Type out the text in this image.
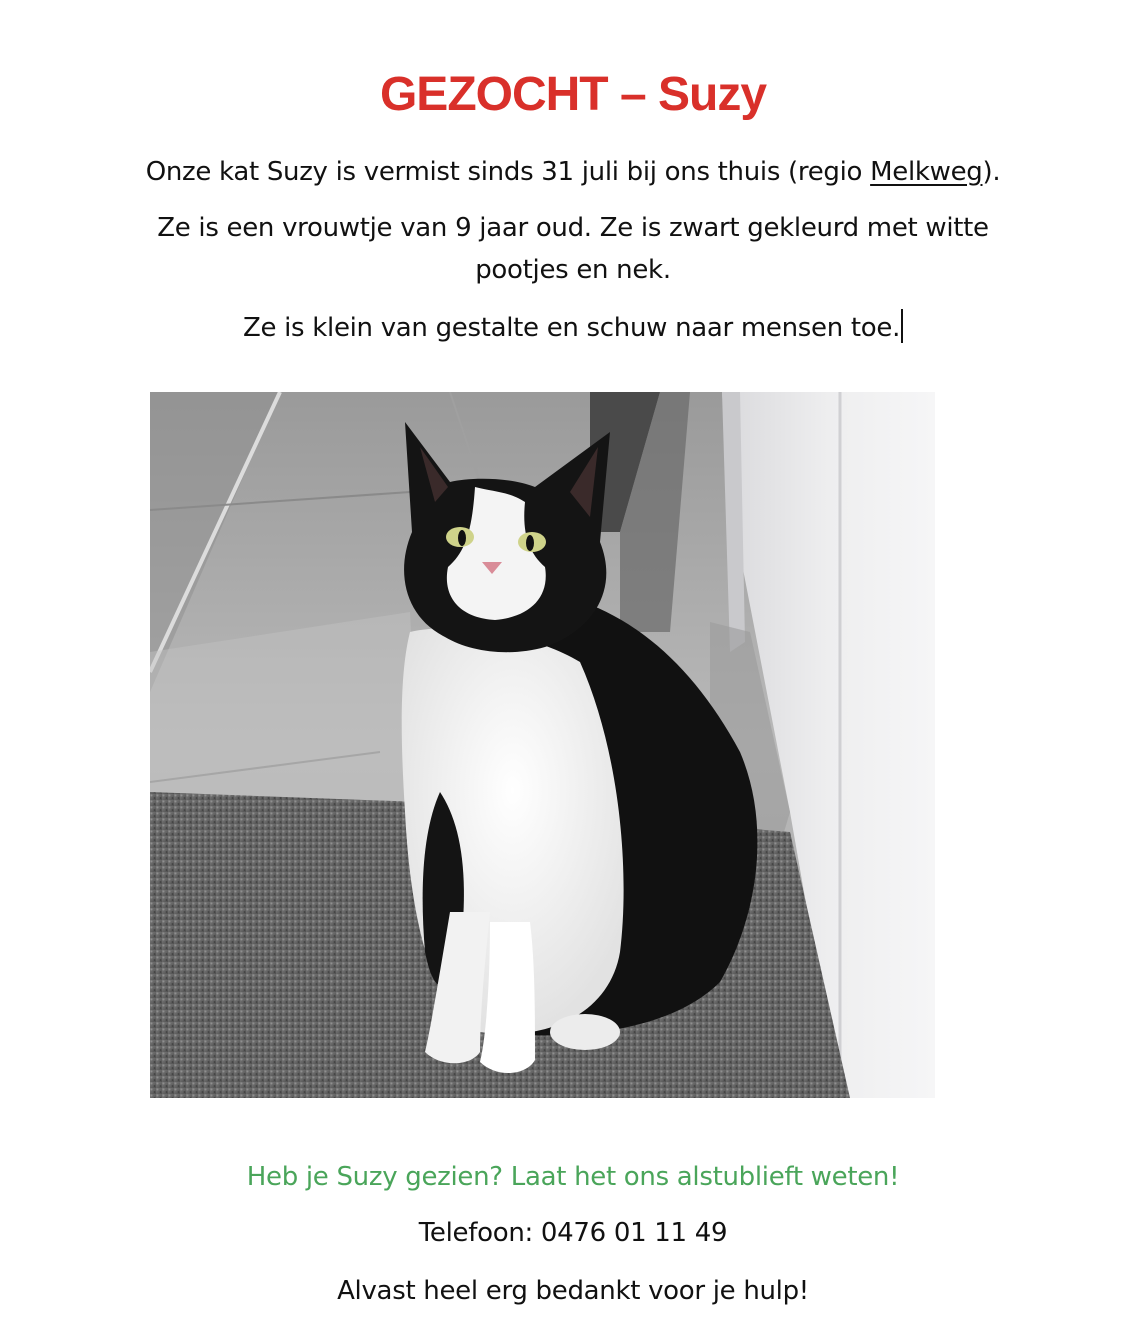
GEZOCHT – Suzy
Onze kat Suzy is vermist sinds 31 juli bij ons thuis (regio Melkweg).
Ze is een vrouwtje van 9 jaar oud. Ze is zwart gekleurd met witte pootjes en nek.
Ze is klein van gestalte en schuw naar mensen toe.
Heb je Suzy gezien? Laat het ons alstublieft weten!
Telefoon: 0476 01 11 49
Alvast heel erg bedankt voor je hulp!
